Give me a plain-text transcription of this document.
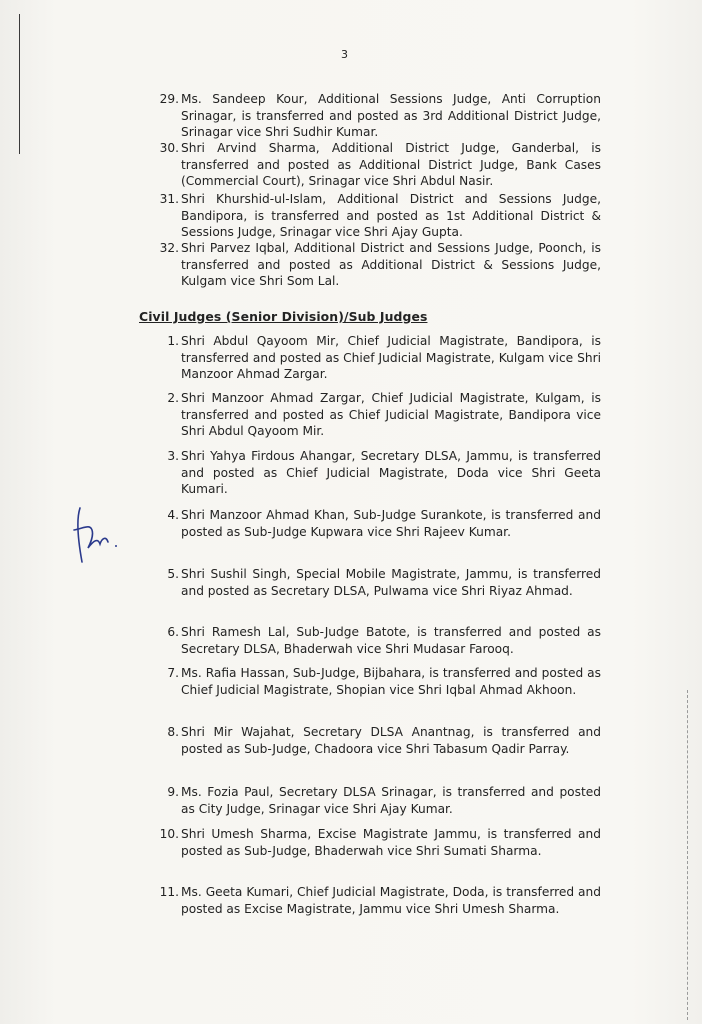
3
29. Ms. Sandeep Kour, Additional Sessions Judge, Anti Corruption Srinagar, is transferred and posted as 3rd Additional District Judge, Srinagar vice Shri Sudhir Kumar.
30. Shri Arvind Sharma, Additional District Judge, Ganderbal, is transferred and posted as Additional District Judge, Bank Cases (Commercial Court), Srinagar vice Shri Abdul Nasir.
31. Shri Khurshid-ul-Islam, Additional District and Sessions Judge, Bandipora, is transferred and posted as 1st Additional District & Sessions Judge, Srinagar vice Shri Ajay Gupta.
32. Shri Parvez Iqbal, Additional District and Sessions Judge, Poonch, is transferred and posted as Additional District & Sessions Judge, Kulgam vice Shri Som Lal.
Civil Judges (Senior Division)/Sub Judges
1. Shri Abdul Qayoom Mir, Chief Judicial Magistrate, Bandipora, is transferred and posted as Chief Judicial Magistrate, Kulgam vice Shri Manzoor Ahmad Zargar.
2. Shri Manzoor Ahmad Zargar, Chief Judicial Magistrate, Kulgam, is transferred and posted as Chief Judicial Magistrate, Bandipora vice Shri Abdul Qayoom Mir.
3. Shri Yahya Firdous Ahangar, Secretary DLSA, Jammu, is transferred and posted as Chief Judicial Magistrate, Doda vice Shri Geeta Kumari.
4. Shri Manzoor Ahmad Khan, Sub-Judge Surankote, is transferred and posted as Sub-Judge Kupwara vice Shri Rajeev Kumar.
5. Shri Sushil Singh, Special Mobile Magistrate, Jammu, is transferred and posted as Secretary DLSA, Pulwama vice Shri Riyaz Ahmad.
6. Shri Ramesh Lal, Sub-Judge Batote, is transferred and posted as Secretary DLSA, Bhaderwah vice Shri Mudasar Farooq.
7. Ms. Rafia Hassan, Sub-Judge, Bijbahara, is transferred and posted as Chief Judicial Magistrate, Shopian vice Shri Iqbal Ahmad Akhoon.
8. Shri Mir Wajahat, Secretary DLSA Anantnag, is transferred and posted as Sub-Judge, Chadoora vice Shri Tabasum Qadir Parray.
9. Ms. Fozia Paul, Secretary DLSA Srinagar, is transferred and posted as City Judge, Srinagar vice Shri Ajay Kumar.
10. Shri Umesh Sharma, Excise Magistrate Jammu, is transferred and posted as Sub-Judge, Bhaderwah vice Shri Sumati Sharma.
11. Ms. Geeta Kumari, Chief Judicial Magistrate, Doda, is transferred and posted as Excise Magistrate, Jammu vice Shri Umesh Sharma.
